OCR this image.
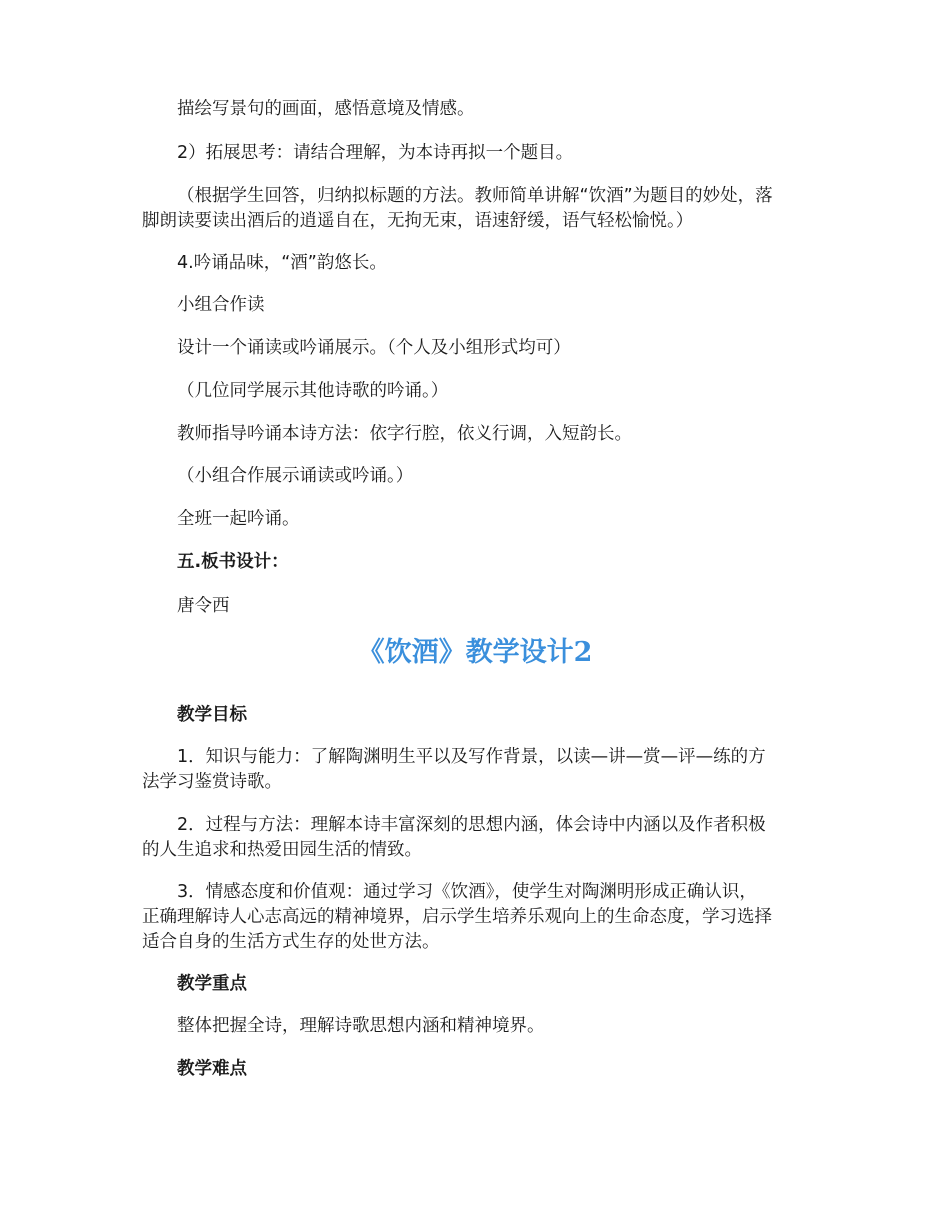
描绘写景句的画面，感悟意境及情感。
2）拓展思考：请结合理解，为本诗再拟一个题目。
（根据学生回答，归纳拟标题的方法。教师简单讲解“饮酒”为题目的妙处，落
脚朗读要读出酒后的逍遥自在，无拘无束，语速舒缓，语气轻松愉悦。）
4.吟诵品味，“酒”韵悠长。
小组合作读
设计一个诵读或吟诵展示。（个人及小组形式均可）
（几位同学展示其他诗歌的吟诵。）
教师指导吟诵本诗方法：依字行腔，依义行调，入短韵长。
（小组合作展示诵读或吟诵。）
全班一起吟诵。
五.板书设计：
唐令西
《饮酒》教学设计2
教学目标
1．知识与能力：了解陶渊明生平以及写作背景，以读—讲—赏—评—练的方
法学习鉴赏诗歌。
2．过程与方法：理解本诗丰富深刻的思想内涵，体会诗中内涵以及作者积极
的人生追求和热爱田园生活的情致。
3．情感态度和价值观：通过学习《饮酒》，使学生对陶渊明形成正确认识，
正确理解诗人心志高远的精神境界，启示学生培养乐观向上的生命态度，学习选择
适合自身的生活方式生存的处世方法。
教学重点
整体把握全诗，理解诗歌思想内涵和精神境界。
教学难点
